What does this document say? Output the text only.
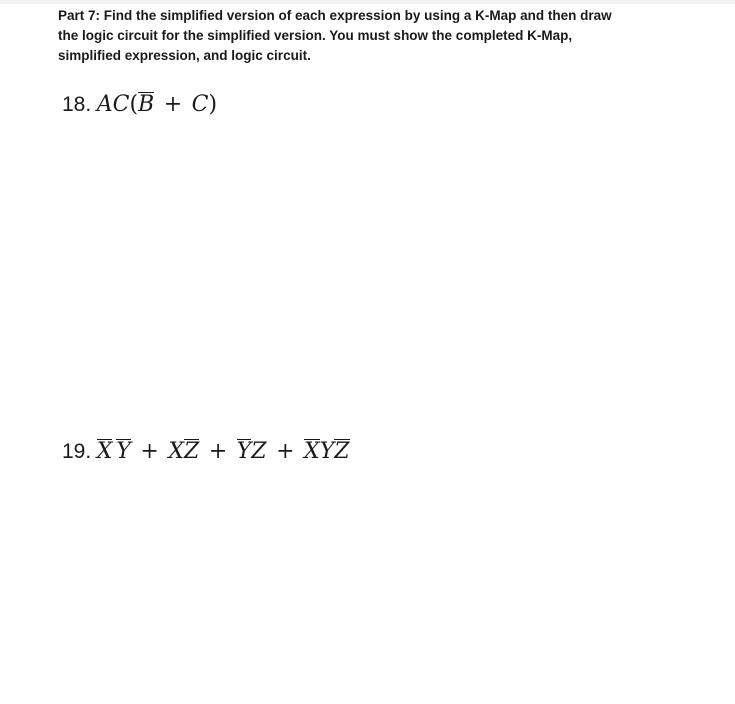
Part 7: Find the simplified version of each expression by using a K-Map and then draw
the logic circuit for the simplified version. You must show the completed K-Map,
simplified expression, and logic circuit.
18. AC(B + C)
19. X Y + XZ + YZ + XYZ
